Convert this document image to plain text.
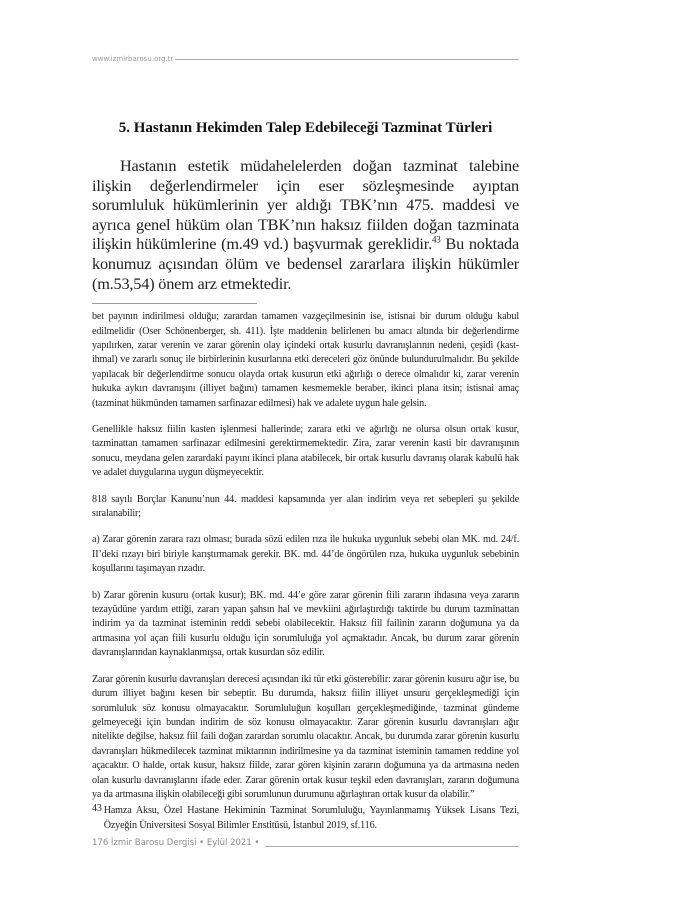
www.izmirbarosu.org.tr
5. Hastanın Hekimden Talep Edebileceği Tazminat Türleri

Hastanın estetik müdahelelerden doğan tazminat talebine ilişkin değerlendirmeler için eser sözleşmesinde ayıptan sorumluluk hükümlerinin yer aldığı TBK’nın 475. maddesi ve ayrıca genel hüküm olan TBK’nın haksız fiilden doğan tazminata ilişkin hükümlerine (m.49 vd.) başvurmak gereklidir.$^{43}$ Bu noktada konumuz açısından ölüm ve bedensel zararlara ilişkin hükümler (m.53,54) önem arz etmektedir.

bet payının indirilmesi olduğu; zarardan tamamen vazgeçilmesinin ise, istisnai bir durum olduğu kabul edilmelidir (Oser Schönenberger, sh. 411). İşte maddenin belirlenen bu amacı altında bir değerlendirme yapılırken, zarar verenin ve zarar görenin olay içindeki ortak kusurlu davranışlarının nedeni, çeşidi (kast-ihmal) ve zararlı sonuç ile birbirlerinin kusurlarına etki dereceleri göz önünde bulundurulmalıdır. Bu şekilde yapılacak bir değerlendirme sonucu olayda ortak kusurun etki ağırlığı o derece olmalıdır ki, zarar verenin hukuka aykırı davranışını (illiyet bağını) tamamen kesmemekle beraber, ikinci plana itsin; istisnai amaç (tazminat hükmünden tamamen sarfinazar edilmesi) hak ve adalete uygun hale gelsin.

Genellikle haksız fiilin kasten işlenmesi hallerinde; zarara etki ve ağırlığı ne olursa olsun ortak kusur, tazminattan tamamen sarfinazar edilmesini gerektirmemektedir. Zira, zarar verenin kasti bir davranışının sonucu, meydana gelen zarardaki payını ikinci plana atabilecek, bir ortak kusurlu davranış olarak kabulü hak ve adalet duygularına uygun düşmeyecektir.

818 sayılı Borçlar Kanunu’nun 44. maddesi kapsamında yer alan indirim veya ret sebepleri şu şekilde sıralanabilir;

a) Zarar görenin zarara razı olması; burada sözü edilen rıza ile hukuka uygunluk sebebi olan MK. md. 24/f. II’deki rızayı biri biriyle karıştırmamak gerekir. BK. md. 44’de öngörülen rıza, hukuka uygunluk sebebinin koşullarını taşımayan rızadır.

b) Zarar görenin kusuru (ortak kusur); BK. md. 44’e göre zarar görenin fiili zararın ihdasına veya zararın tezayüdüne yardım ettiği, zararı yapan şahsın hal ve mevkiini ağırlaştırdığı taktirde bu durum tazminattan indirim ya da tazminat isteminin reddi sebebi olabilecektir. Haksız fiil failinin zararın doğumuna ya da artmasına yol açan fiili kusurlu olduğu için sorumluluğa yol açmaktadır. Ancak, bu durum zarar görenin davranışlarından kaynaklanmışsa, ortak kusurdan söz edilir.

Zarar görenin kusurlu davranışları derecesi açısından iki tür etki gösterebilir: zarar görenin kusuru ağır ise, bu durum illiyet bağını kesen bir sebeptir. Bu durumda, haksız fiilin illiyet unsuru gerçekleşmediği için sorumluluk söz konusu olmayacaktır. Sorumluluğun koşulları gerçekleşmediğinde, tazminat gündeme gelmeyeceği için bundan indirim de söz konusu olmayacaktır. Zarar görenin kusurlu davranışları ağır nitelikte değilse, haksız fiil faili doğan zarardan sorumlu olacaktır. Ancak, bu durumda zarar görenin kusurlu davranışları hükmedilecek tazminat miktarının indirilmesine ya da tazminat isteminin tamamen reddine yol açacaktır. O halde, ortak kusur, haksız fiilde, zarar gören kişinin zararın doğumuna ya da artmasına neden olan kusurlu davranışlarını ifade eder. Zarar görenin ortak kusur teşkil eden davranışları, zararın doğumuna ya da artmasına ilişkin olabileceği gibi sorumlunun durumunu ağırlaştıran ortak kusur da olabilir.”

43 Hamza Aksu, Özel Hastane Hekiminin Tazminat Sorumluluğu, Yayınlanmamış Yüksek Lisans Tezi, Özyeğin Üniversitesi Sosyal Bilimler Enstitüsü, İstanbul 2019, sf.116.
176 İzmir Barosu Dergisi • Eylül 2021 •
